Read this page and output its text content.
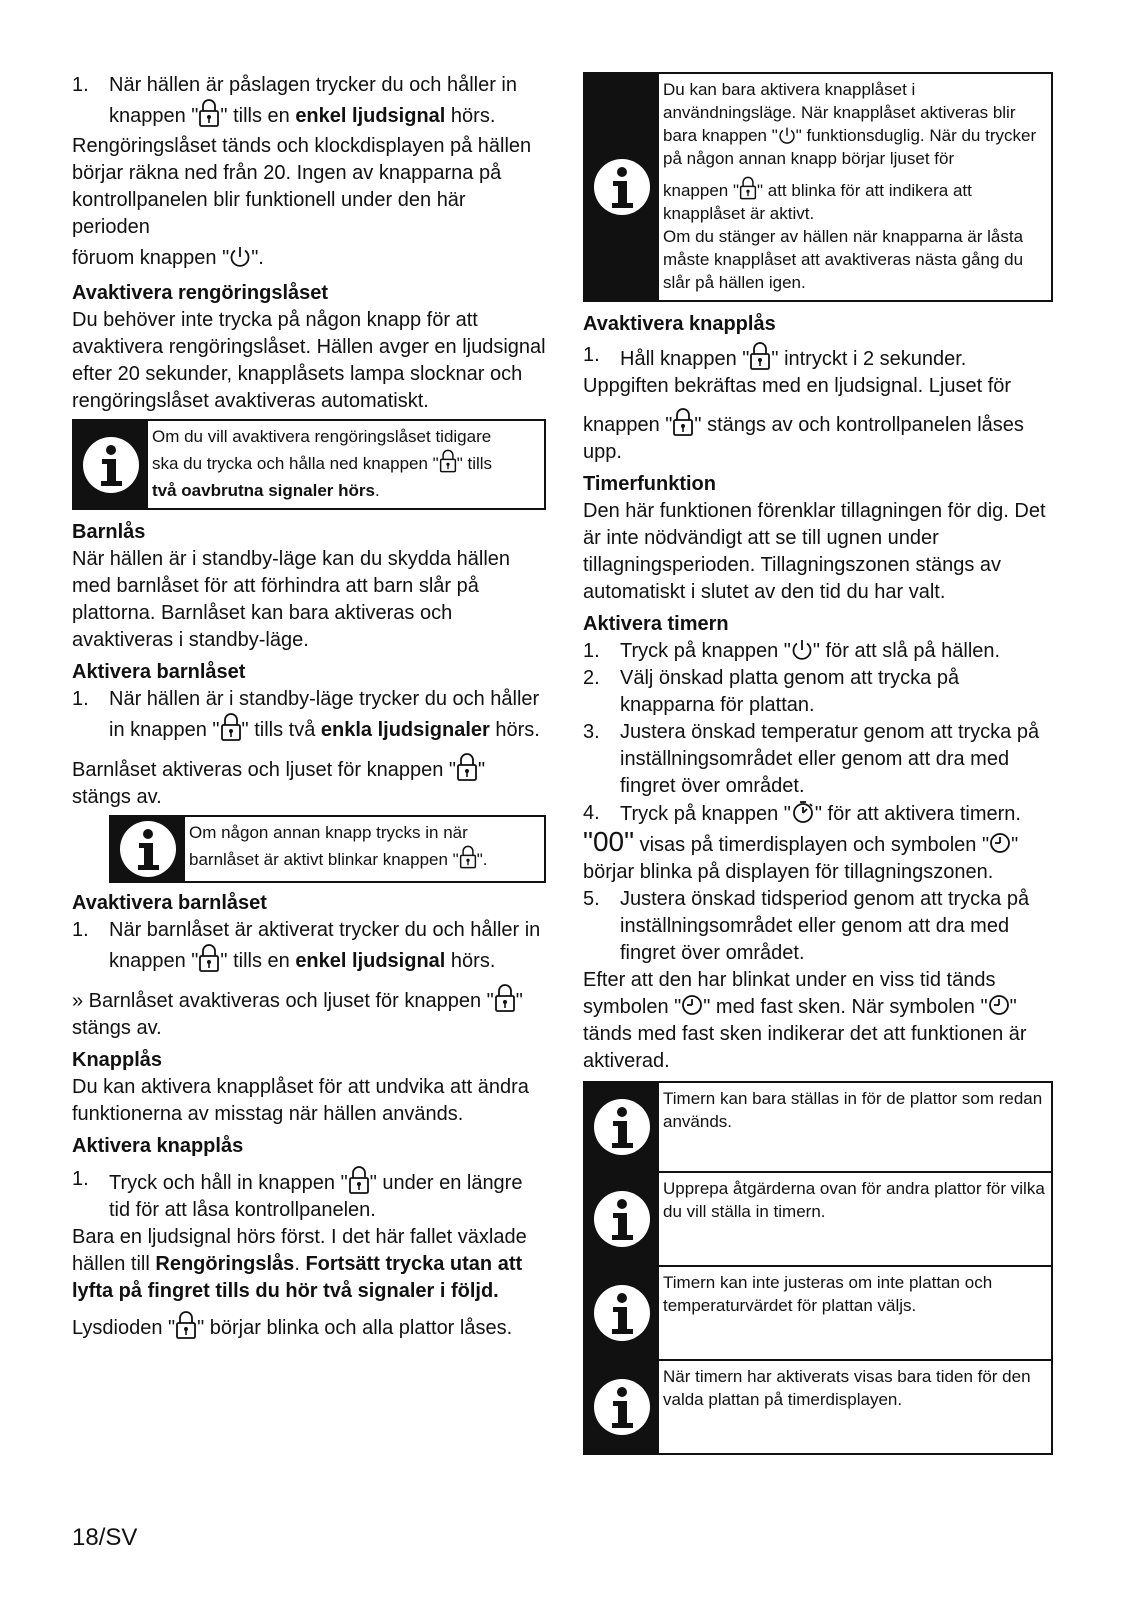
1. När hällen är påslagen trycker du och håller in

knappen " " tills en enkel ljudsignal hörs.

Rengöringslåset tänds och klockdisplayen på hällen börjar räkna ned från 20. Ingen av knapparna på kontrollpanelen blir funktionell under den här perioden

föruom knappen " ".

Avaktivera rengöringslåset

Du behöver inte trycka på någon knapp för att avaktivera rengöringslåset. Hällen avger en ljudsignal efter 20 sekunder, knapplåsets lampa slocknar och rengöringslåset avaktiveras automatiskt.

Om du vill avaktivera rengöringslåset tidigare

ska du trycka och hålla ned knappen " " tills

två oavbrutna signaler hörs.

Barnlås

När hällen är i standby-läge kan du skydda hällen med barnlåset för att förhindra att barn slår på plattorna. Barnlåset kan bara aktiveras och avaktiveras i standby-läge.

Aktivera barnlåset
1. När hällen är i standby-läge trycker du och håller

in knappen " " tills två enkla ljudsignaler hörs.

Barnlåset aktiveras och ljuset för knappen " " stängs av.

Om någon annan knapp trycks in när

barnlåset är aktivt blinkar knappen " ".

Avaktivera barnlåset
1. När barnlåset är aktiverat trycker du och håller in

knappen " " tills en enkel ljudsignal hörs.

» Barnlåset avaktiveras och ljuset för knappen " " stängs av.

Knapplås

Du kan aktivera knapplåset för att undvika att ändra funktionerna av misstag när hällen används.

Aktivera knapplås
1. Tryck och håll in knappen " " under en längre tid för att låsa kontrollpanelen.

Bara en ljudsignal hörs först. I det här fallet växlade hällen till Rengöringslås. Fortsätt trycka utan att lyfta på fingret tills du hör två signaler i följd.

Lysdioden " " börjar blinka och alla plattor låses.

Du kan bara aktivera knapplåset i användningsläge. När knapplåset aktiveras blir

bara knappen " " funktionsduglig. När du trycker på någon annan knapp börjar ljuset för

knappen " " att blinka för att indikera att knapplåset är aktivt.

Om du stänger av hällen när knapparna är låsta måste knapplåset att avaktiveras nästa gång du slår på hällen igen.

Avaktivera knapplås
1. Håll knappen " " intryckt i 2 sekunder.

Uppgiften bekräftas med en ljudsignal. Ljuset för

knappen " " stängs av och kontrollpanelen låses upp.

Timerfunktion

Den här funktionen förenklar tillagningen för dig. Det är inte nödvändigt att se till ugnen under tillagningsperioden. Tillagningszonen stängs av automatiskt i slutet av den tid du har valt.

Aktivera timern
1. Tryck på knappen " " för att slå på hällen.

2. Välj önskad platta genom att trycka på knapparna för plattan.

3. Justera önskad temperatur genom att trycka på inställningsområdet eller genom att dra med fingret över området.

4. Tryck på knappen " " för att aktivera timern.

"00" visas på timerdisplayen och symbolen " " börjar blinka på displayen för tillagningszonen.

5. Justera önskad tidsperiod genom att trycka på inställningsområdet eller genom att dra med fingret över området.

Efter att den har blinkat under en viss tid tänds

symbolen " " med fast sken. När symbolen " " tänds med fast sken indikerar det att funktionen är aktiverad.

Timern kan bara ställas in för de plattor som redan används.
Upprepa åtgärderna ovan för andra plattor för vilka du vill ställa in timern.
Timern kan inte justeras om inte plattan och temperaturvärdet för plattan väljs.
När timern har aktiverats visas bara tiden för den valda plattan på timerdisplayen.
18/SV
